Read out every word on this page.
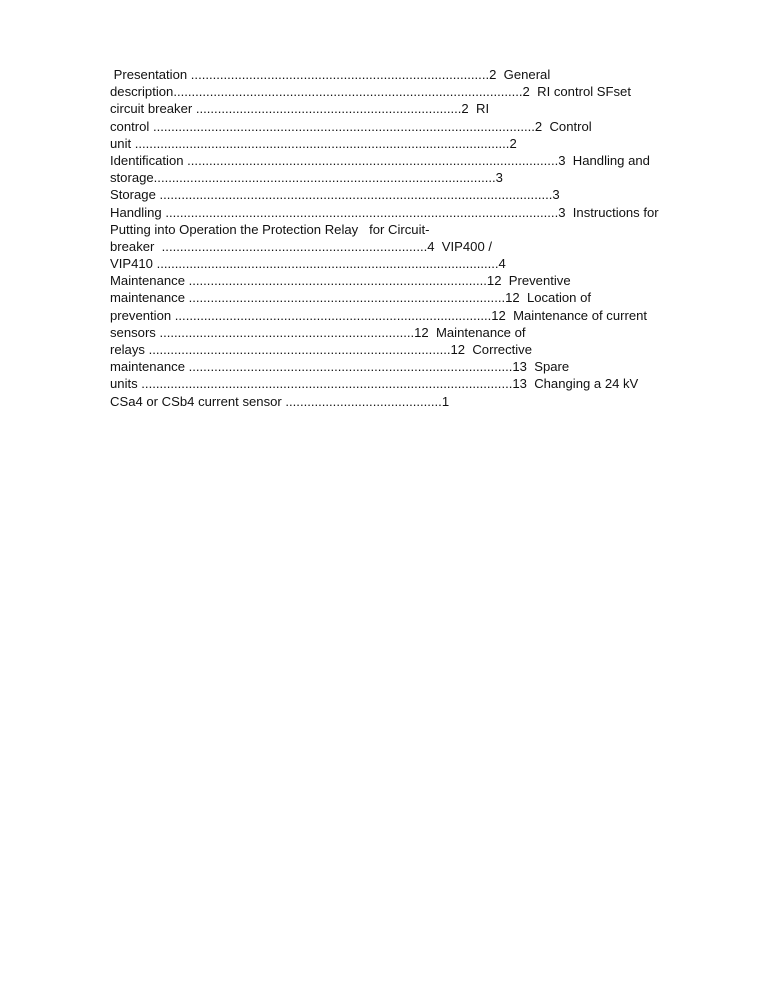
Presentation ..................................................................................2  General
description................................................................................................2  RI control SFset
circuit breaker .........................................................................2  RI
control .........................................................................................................2  Control
unit .......................................................................................................2
Identification ......................................................................................................3  Handling and
storage..............................................................................................3
Storage ............................................................................................................3
Handling ............................................................................................................3  Instructions for
Putting into Operation the Protection Relay   for Circuit-
breaker  .........................................................................4  VIP400 /
VIP410 ..............................................................................................4
Maintenance ..................................................................................12  Preventive
maintenance .......................................................................................12  Location of
prevention .......................................................................................12  Maintenance of current
sensors ......................................................................12  Maintenance of
relays ...................................................................................12  Corrective
maintenance .........................................................................................13  Spare
units ......................................................................................................13  Changing a 24 kV
CSa4 or CSb4 current sensor ...........................................1
